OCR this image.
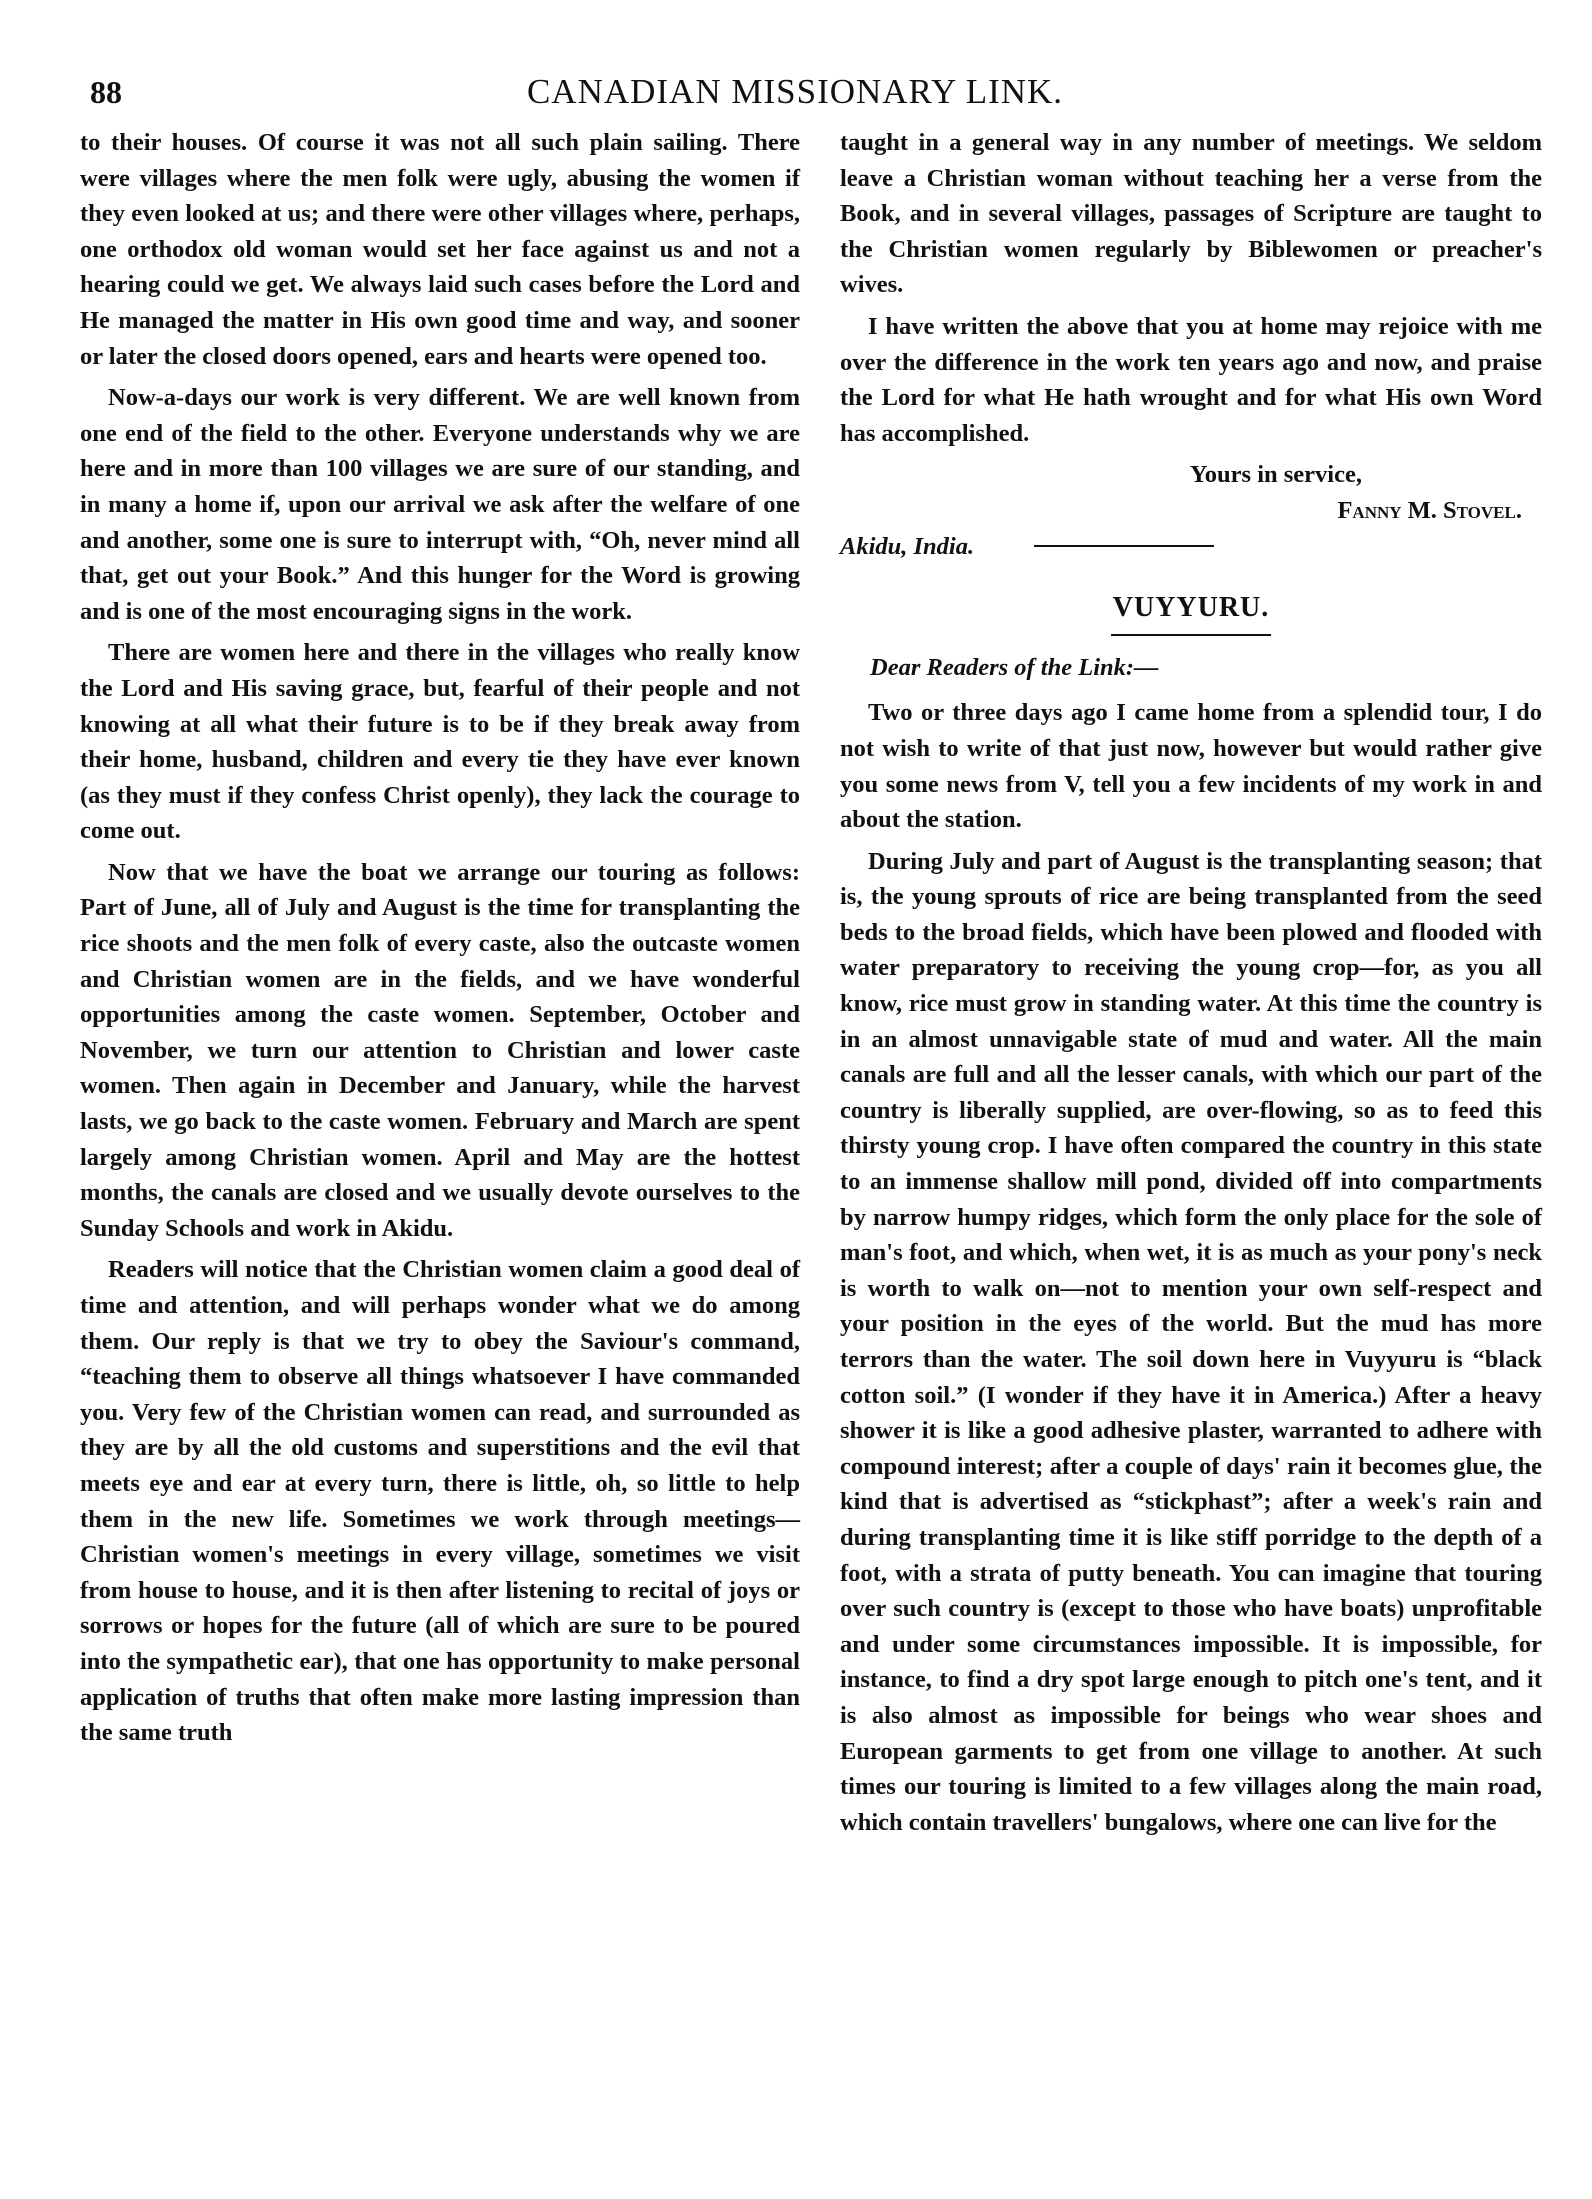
88	CANADIAN MISSIONARY LINK.

to their houses. Of course it was not all such plain sailing. There were villages where the men folk were ugly, abusing the women if they even looked at us; and there were other villages where, perhaps, one orthodox old woman would set her face against us and not a hearing could we get. We always laid such cases before the Lord and He managed the matter in His own good time and way, and sooner or later the closed doors opened, ears and hearts were opened too.

Now-a-days our work is very different. We are well known from one end of the field to the other. Everyone understands why we are here and in more than 100 villages we are sure of our standing, and in many a home if, upon our arrival we ask after the welfare of one and another, some one is sure to interrupt with, “Oh, never mind all that, get out your Book.” And this hunger for the Word is growing and is one of the most encouraging signs in the work.

There are women here and there in the villages who really know the Lord and His saving grace, but, fearful of their people and not knowing at all what their future is to be if they break away from their home, husband, children and every tie they have ever known (as they must if they confess Christ openly), they lack the courage to come out.

Now that we have the boat we arrange our touring as follows: Part of June, all of July and August is the time for transplanting the rice shoots and the men folk of every caste, also the outcaste women and Christian women are in the fields, and we have wonderful opportunities among the caste women. September, October and November, we turn our attention to Christian and lower caste women. Then again in December and January, while the harvest lasts, we go back to the caste women. February and March are spent largely among Christian women. April and May are the hottest months, the canals are closed and we usually devote ourselves to the Sunday Schools and work in Akidu.

Readers will notice that the Christian women claim a good deal of time and attention, and will perhaps wonder what we do among them. Our reply is that we try to obey the Saviour's command, “teaching them to observe all things whatsoever I have commanded you. Very few of the Christian women can read, and surrounded as they are by all the old customs and superstitions and the evil that meets eye and ear at every turn, there is little, oh, so little to help them in the new life. Sometimes we work through meetings—Christian women's meetings in every village, sometimes we visit from house to house, and it is then after listening to recital of joys or sorrows or hopes for the future (all of which are sure to be poured into the sympathetic ear), that one has opportunity to make personal application of truths that often make more lasting impression than the same truth

taught in a general way in any number of meetings. We seldom leave a Christian woman without teaching her a verse from the Book, and in several villages, passages of Scripture are taught to the Christian women regularly by Biblewomen or preacher's wives.

I have written the above that you at home may rejoice with me over the difference in the work ten years ago and now, and praise the Lord for what He hath wrought and for what His own Word has accomplished.

Yours in service,
Fanny M. Stovel.
Akidu, India.
VUYYURU.
Dear Readers of the Link:—

Two or three days ago I came home from a splendid tour, I do not wish to write of that just now, however but would rather give you some news from V, tell you a few incidents of my work in and about the station.

During July and part of August is the transplanting season; that is, the young sprouts of rice are being transplanted from the seed beds to the broad fields, which have been plowed and flooded with water preparatory to receiving the young crop—for, as you all know, rice must grow in standing water. At this time the country is in an almost unnavigable state of mud and water. All the main canals are full and all the lesser canals, with which our part of the country is liberally supplied, are over-flowing, so as to feed this thirsty young crop. I have often compared the country in this state to an immense shallow mill pond, divided off into compartments by narrow humpy ridges, which form the only place for the sole of man's foot, and which, when wet, it is as much as your pony's neck is worth to walk on—not to mention your own self-respect and your position in the eyes of the world. But the mud has more terrors than the water. The soil down here in Vuyyuru is “black cotton soil.” (I wonder if they have it in America.) After a heavy shower it is like a good adhesive plaster, warranted to adhere with compound interest; after a couple of days' rain it becomes glue, the kind that is advertised as “stickphast”; after a week's rain and during transplanting time it is like stiff porridge to the depth of a foot, with a strata of putty beneath. You can imagine that touring over such country is (except to those who have boats) unprofitable and under some circumstances impossible. It is impossible, for instance, to find a dry spot large enough to pitch one's tent, and it is also almost as impossible for beings who wear shoes and European garments to get from one village to another. At such times our touring is limited to a few villages along the main road, which contain travellers' bungalows, where one can live for the
